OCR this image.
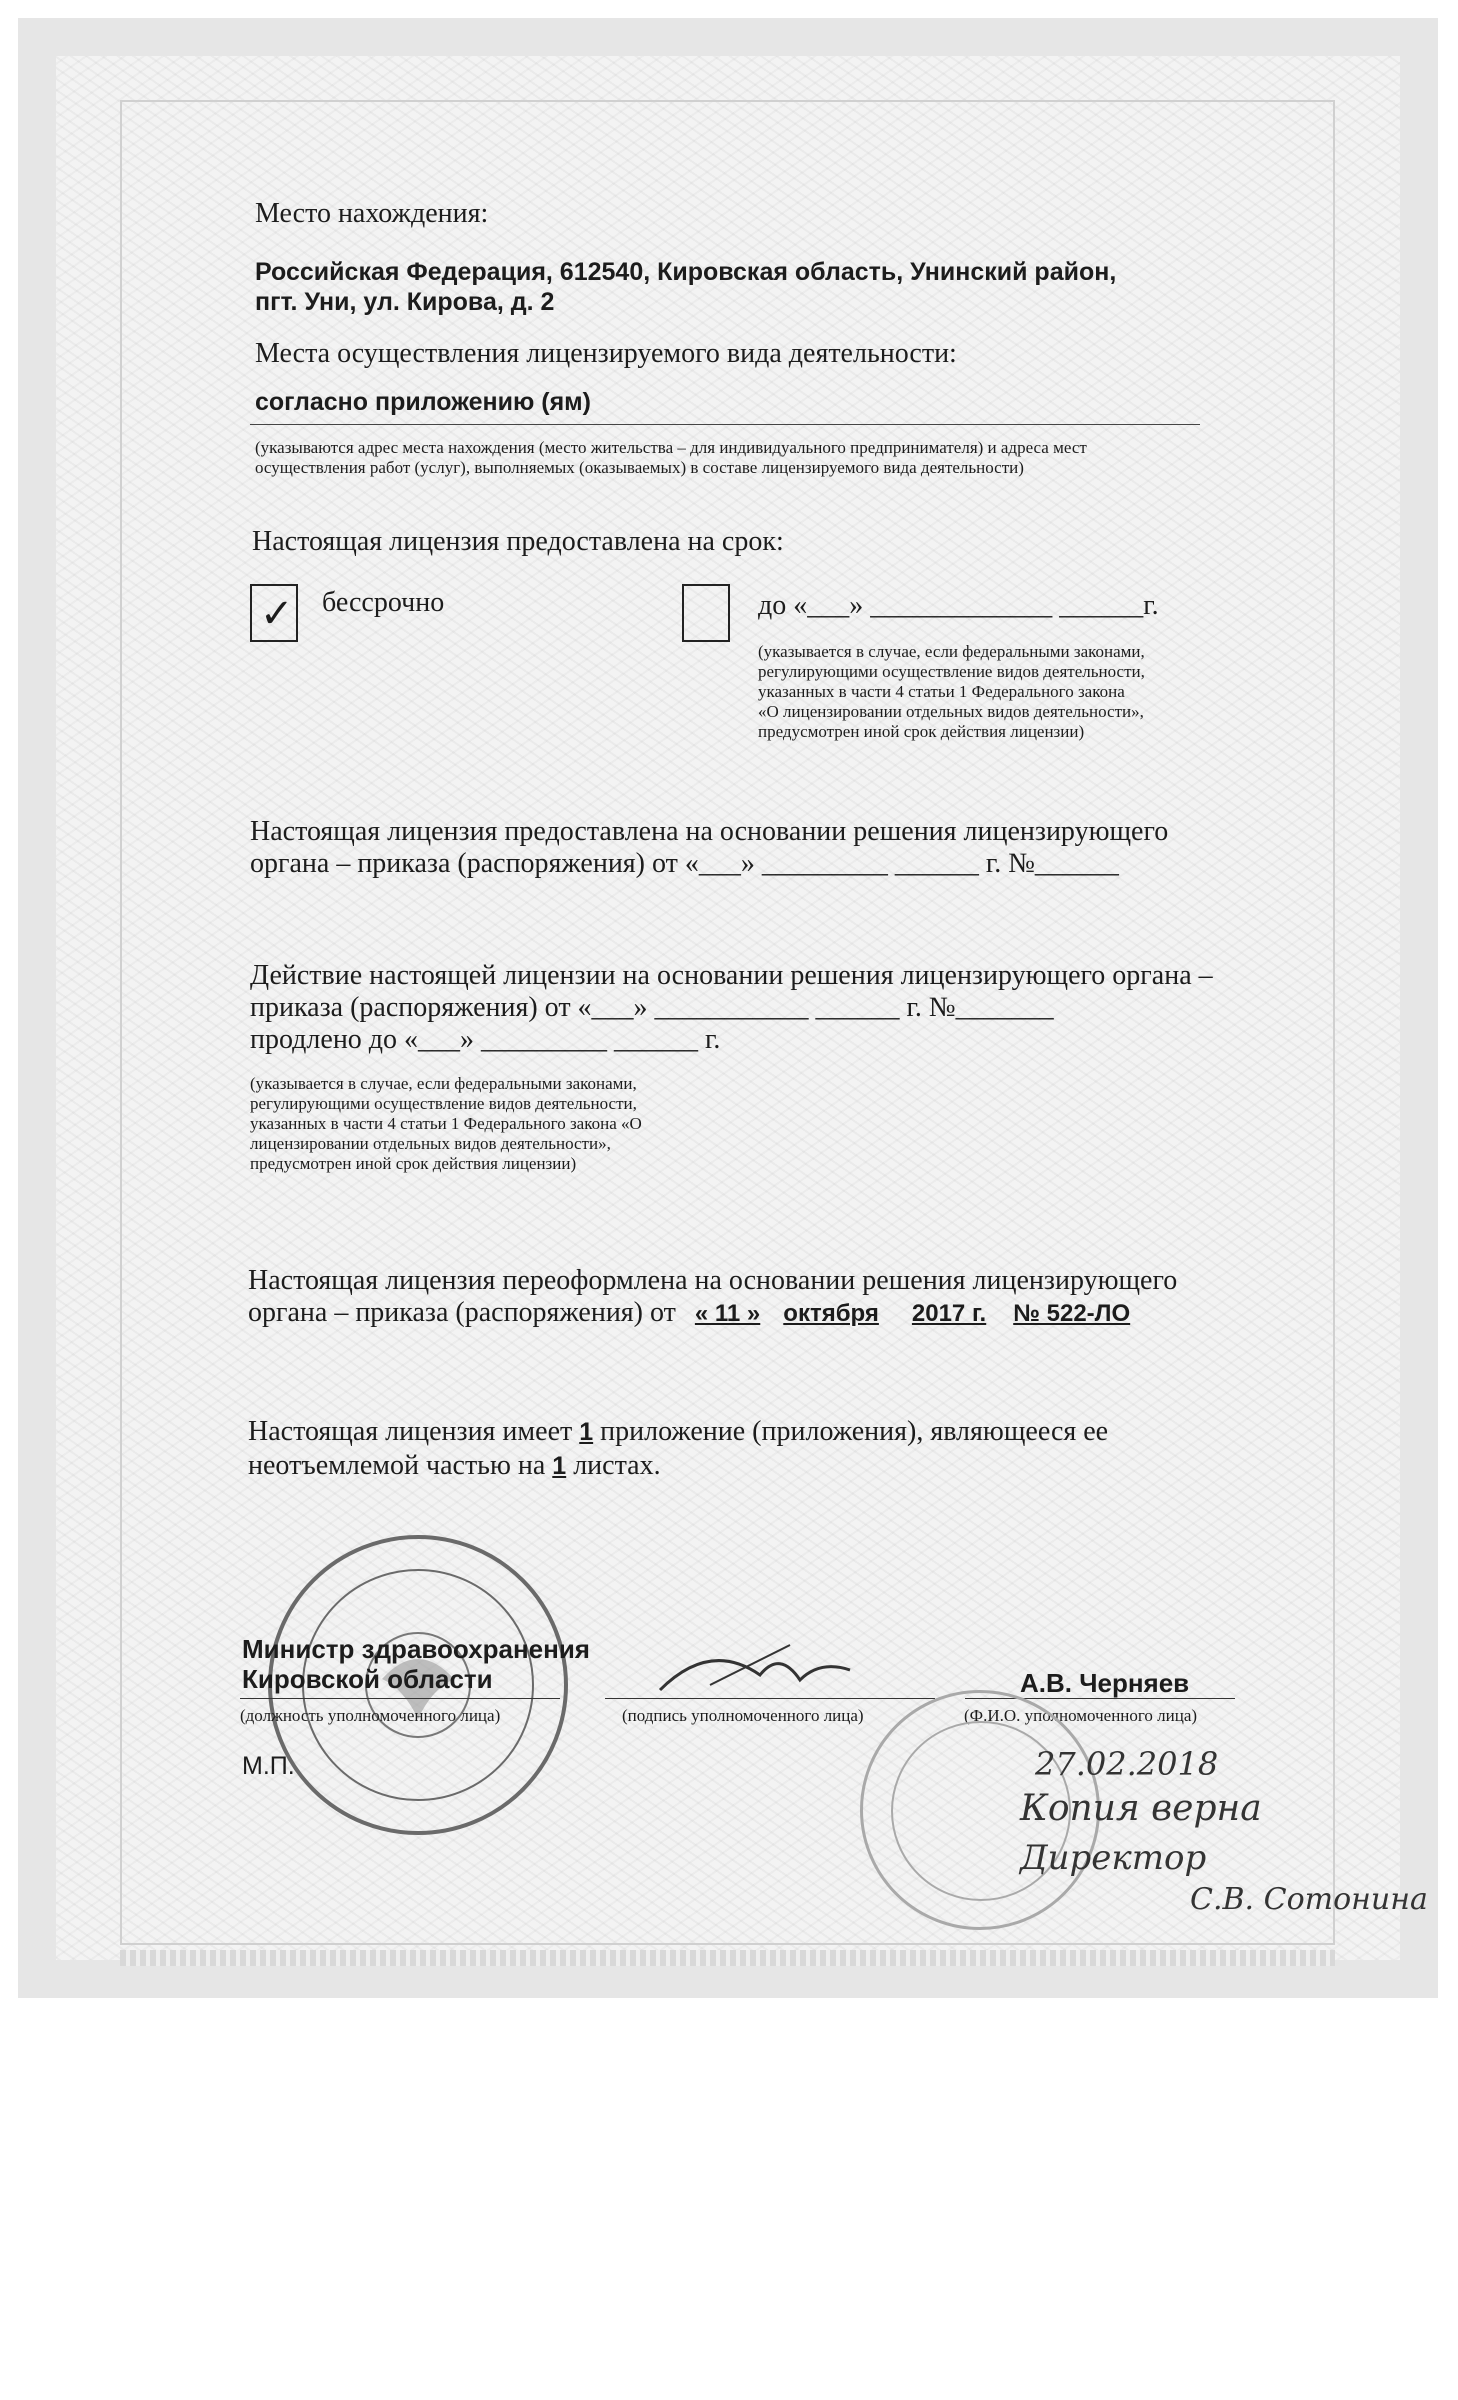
Место нахождения:
Российская Федерация, 612540, Кировская область, Унинский район,
пгт. Уни, ул. Кирова, д. 2
Места осуществления лицензируемого вида деятельности:
согласно приложению (ям)
(указываются адрес места нахождения (место жительства – для индивидуального предпринимателя) и адреса мест
осуществления работ (услуг), выполняемых (оказываемых) в составе лицензируемого вида деятельности)
Настоящая лицензия предоставлена на срок:
✓ бессрочно	до «___» _____________ ______г.
(указывается в случае, если федеральными законами,
регулирующими осуществление видов деятельности,
указанных в части 4 статьи 1 Федерального закона
«О лицензировании отдельных видов деятельности»,
предусмотрен иной срок действия лицензии)
Настоящая лицензия предоставлена на основании решения лицензирующего
органа – приказа (распоряжения) от «___» _________ ______ г. №______
Действие настоящей лицензии на основании решения лицензирующего органа –
приказа (распоряжения) от «___» ___________ ______ г. №_______
продлено до «___» _________ ______ г.
(указывается в случае, если федеральными законами,
регулирующими осуществление видов деятельности,
указанных в части 4 статьи 1 Федерального закона «О
лицензировании отдельных видов деятельности»,
предусмотрен иной срок действия лицензии)
Настоящая лицензия переоформлена на основании решения лицензирующего
органа – приказа (распоряжения) от « 11 » октября 2017 г. № 522-ЛО
Настоящая лицензия имеет 1 приложение (приложения), являющееся ее
неотъемлемой частью на 1 листах.
Министр здравоохранения
Кировской области
(должность уполномоченного лица)	(подпись уполномоченного лица)
А.В. Черняев
(Ф.И.О. уполномоченного лица)
М.П.	27.02.2018
Копия верна
Директор
С.В. Сотонина
